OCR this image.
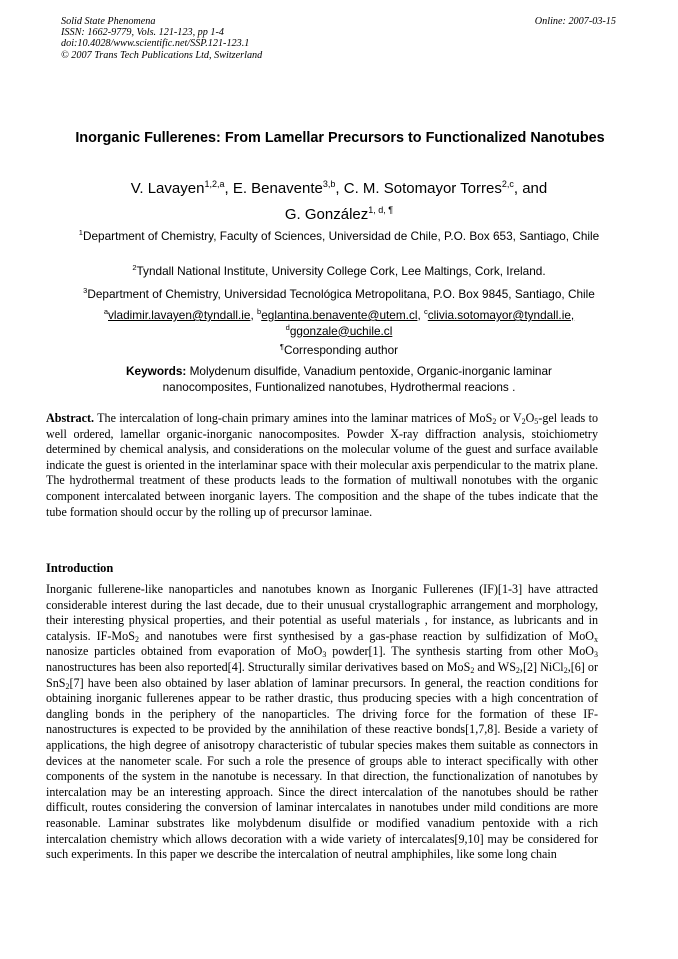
Solid State Phenomena
ISSN: 1662-9779, Vols. 121-123, pp 1-4
doi:10.4028/www.scientific.net/SSP.121-123.1
© 2007 Trans Tech Publications Ltd, Switzerland
Online: 2007-03-15
Inorganic Fullerenes: From Lamellar Precursors to Functionalized Nanotubes
V. Lavayen$^{1,2,a}$, E. Benavente$^{3,b}$, C. M. Sotomayor Torres$^{2,c}$, and
G. González$^{1, d, \P}$
$^1$Department of Chemistry, Faculty of Sciences, Universidad de Chile, P.O. Box 653, Santiago, Chile
$^2$Tyndall National Institute, University College Cork, Lee Maltings, Cork, Ireland.
$^3$Department of Chemistry, Universidad Tecnológica Metropolitana, P.O. Box 9845, Santiago, Chile
$^a$vladimir.lavayen@tyndall.ie, $^b$eglantina.benavente@utem.cl, $^c$clivia.sotomayor@tyndall.ie,
$^d$ggonzale@uchile.cl
¶Corresponding author
Keywords: Molydenum disulfide, Vanadium pentoxide, Organic-inorganic laminar nanocomposites, Funtionalized nanotubes, Hydrothermal reacions .
Abstract. The intercalation of long-chain primary amines into the laminar matrices of MoS$_2$ or $V_2O_5$-gel leads to well ordered, lamellar organic-inorganic nanocomposites. Powder X-ray diffraction analysis, stoichiometry determined by chemical analysis, and considerations on the molecular volume of the guest and surface available indicate the guest is oriented in the interlaminar space with their molecular axis perpendicular to the matrix plane. The hydrothermal treatment of these products leads to the formation of multiwall nonotubes with the organic component intercalated between inorganic layers. The composition and the shape of the tubes indicate that the tube formation should occur by the rolling up of precursor laminae.
Introduction
Inorganic fullerene-like nanoparticles and nanotubes known as Inorganic Fullerenes (IF)[1-3] have attracted considerable interest during the last decade, due to their unusual crystallographic arrangement and morphology, their interesting physical properties, and their potential as useful materials , for instance, as lubricants and in catalysis. IF-MoS$_2$ and nanotubes were first synthesised by a gas-phase reaction by sulfidization of MoO$_x$ nanosize particles obtained from evaporation of MoO$_3$ powder[1]. The synthesis starting from other MoO$_3$ nanostructures has been also reported[4]. Structurally similar derivatives based on MoS$_2$ and $WS_2,[2]$ NiCl$_2$,[6] or SnS$_2$[7] have been also obtained by laser ablation of laminar precursors. In general, the reaction conditions for obtaining inorganic fullerenes appear to be rather drastic, thus producing species with a high concentration of dangling bonds in the periphery of the nanoparticles. The driving force for the formation of these IF-nanostructures is expected to be provided by the annihilation of these reactive bonds[1,7,8]. Beside a variety of applications, the high degree of anisotropy characteristic of tubular species makes them suitable as connectors in devices at the nanometer scale. For such a role the presence of groups able to interact specifically with other components of the system in the nanotube is necessary. In that direction, the functionalization of nanotubes by intercalation may be an interesting approach. Since the direct intercalation of the nanotubes should be rather difficult, routes considering the conversion of laminar intercalates in nanotubes under mild conditions are more reasonable. Laminar substrates like molybdenum disulfide or modified vanadium pentoxide with a rich intercalation chemistry which allows decoration with a wide variety of intercalates[9,10] may be considered for such experiments. In this paper we describe the intercalation of neutral amphiphiles, like some long chain
